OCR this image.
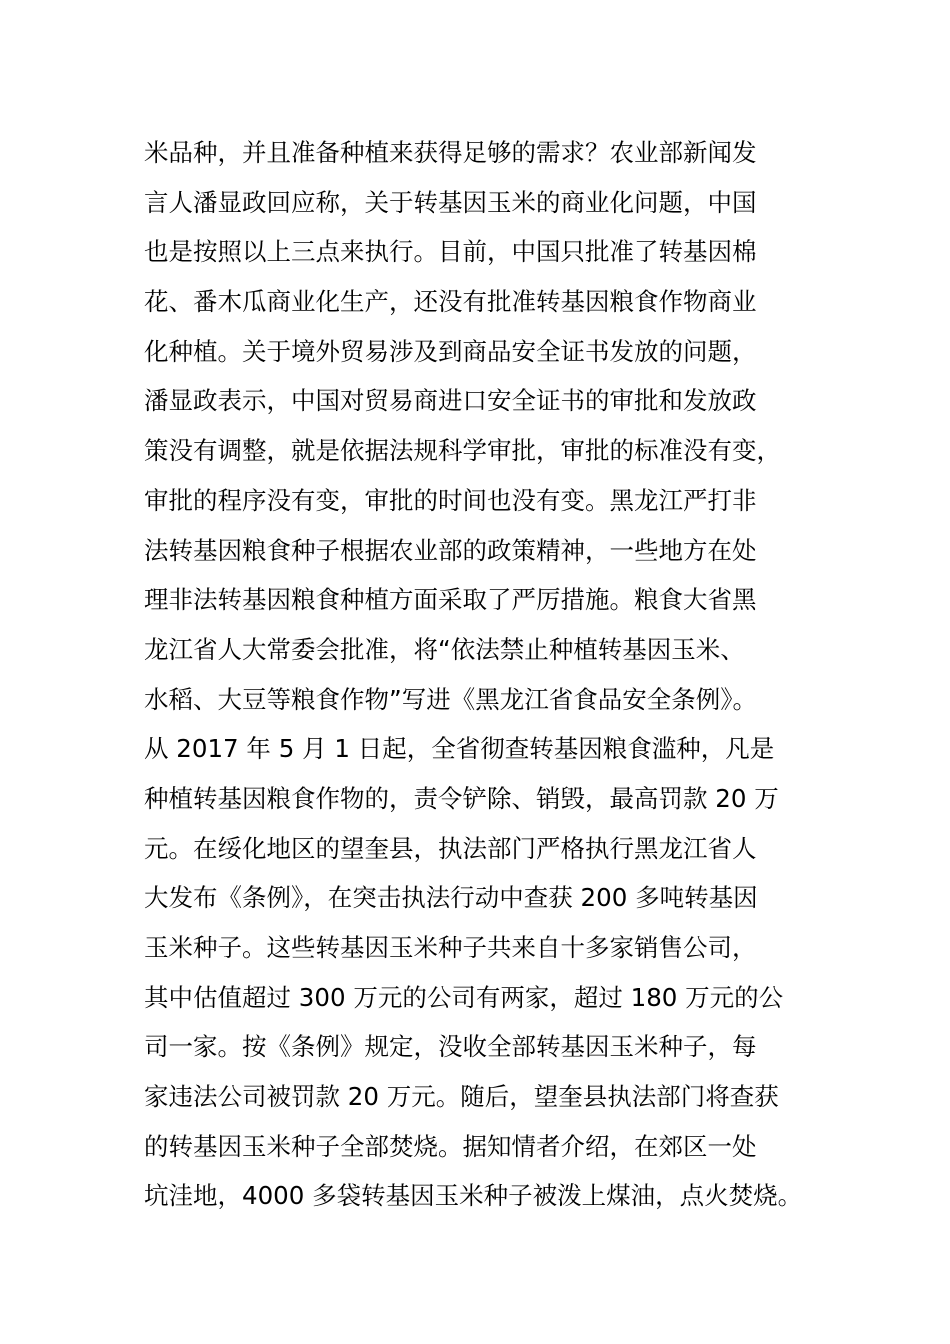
米品种，并且准备种植来获得足够的需求？农业部新闻发
言人潘显政回应称，关于转基因玉米的商业化问题，中国
也是按照以上三点来执行。目前，中国只批准了转基因棉
花、番木瓜商业化生产，还没有批准转基因粮食作物商业
化种植。关于境外贸易涉及到商品安全证书发放的问题，
潘显政表示，中国对贸易商进口安全证书的审批和发放政
策没有调整，就是依据法规科学审批，审批的标准没有变，
审批的程序没有变，审批的时间也没有变。黑龙江严打非
法转基因粮食种子根据农业部的政策精神，一些地方在处
理非法转基因粮食种植方面采取了严厉措施。粮食大省黑
龙江省人大常委会批准，将“依法禁止种植转基因玉米、
水稻、大豆等粮食作物”写进《黑龙江省食品安全条例》。
从 2017 年 5 月 1 日起，全省彻查转基因粮食滥种，凡是
种植转基因粮食作物的，责令铲除、销毁，最高罚款 20 万
元。在绥化地区的望奎县，执法部门严格执行黑龙江省人
大发布《条例》，在突击执法行动中查获 200 多吨转基因
玉米种子。这些转基因玉米种子共来自十多家销售公司，
其中估值超过 300 万元的公司有两家，超过 180 万元的公
司一家。按《条例》规定，没收全部转基因玉米种子，每
家违法公司被罚款 20 万元。随后，望奎县执法部门将查获
的转基因玉米种子全部焚烧。据知情者介绍，在郊区一处
坑洼地，4000 多袋转基因玉米种子被泼上煤油，点火焚烧。
